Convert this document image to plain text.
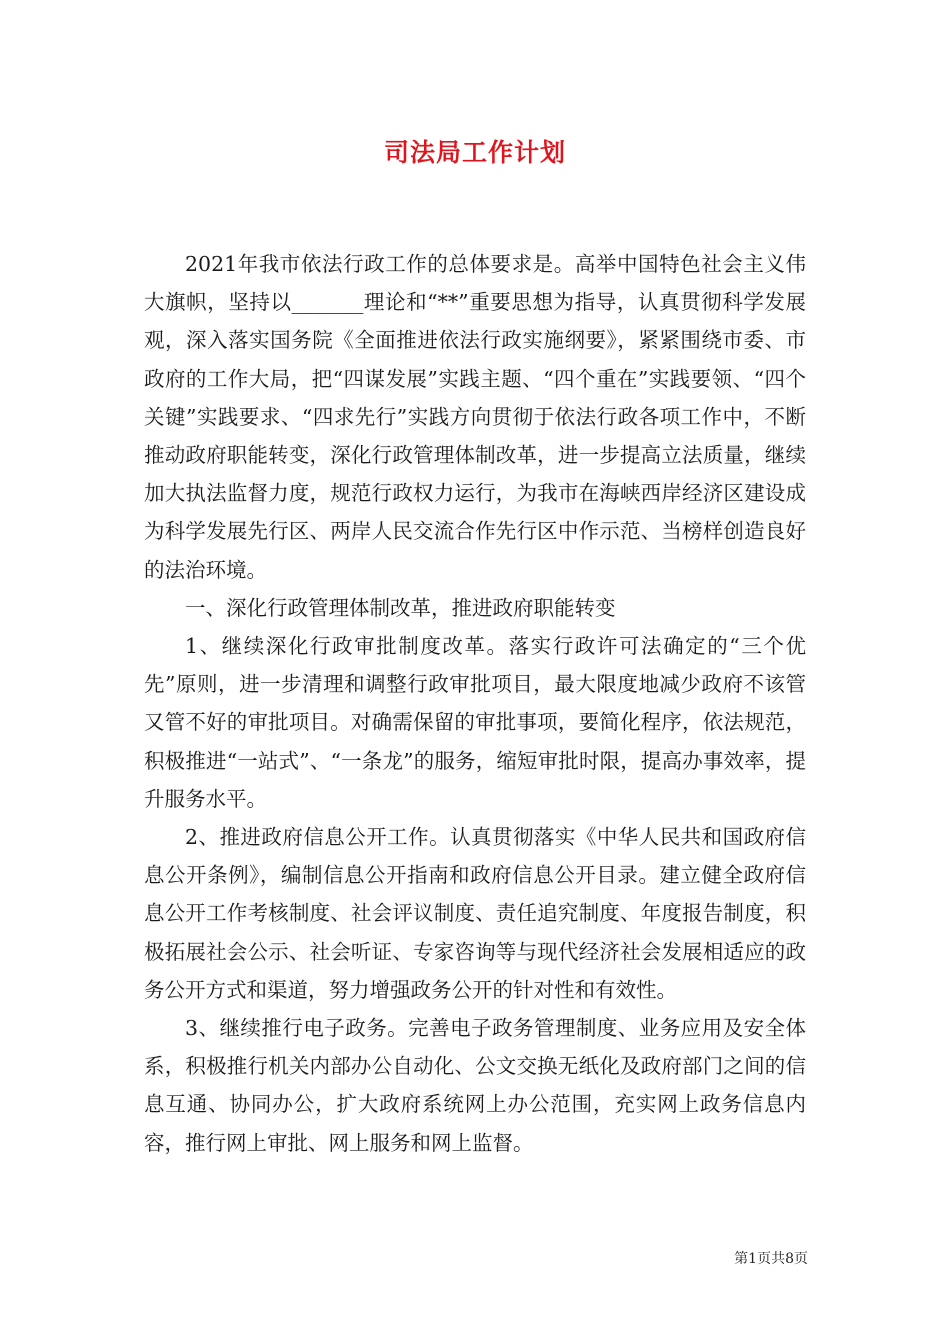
司法局工作计划

2021年我市依法行政工作的总体要求是。高举中国特色社会主义伟大旗帜，坚持以_______理论和“**”重要思想为指导，认真贯彻科学发展观，深入落实国务院《全面推进依法行政实施纲要》，紧紧围绕市委、市政府的工作大局，把“四谋发展”实践主题、“四个重在”实践要领、“四个关键”实践要求、“四求先行”实践方向贯彻于依法行政各项工作中，不断推动政府职能转变，深化行政管理体制改革，进一步提高立法质量，继续加大执法监督力度，规范行政权力运行，为我市在海峡西岸经济区建设成为科学发展先行区、两岸人民交流合作先行区中作示范、当榜样创造良好的法治环境。

一、深化行政管理体制改革，推进政府职能转变

1、继续深化行政审批制度改革。落实行政许可法确定的“三个优先”原则，进一步清理和调整行政审批项目，最大限度地减少政府不该管又管不好的审批项目。对确需保留的审批事项，要简化程序，依法规范，积极推进“一站式”、“一条龙”的服务，缩短审批时限，提高办事效率，提升服务水平。

2、推进政府信息公开工作。认真贯彻落实《中华人民共和国政府信息公开条例》，编制信息公开指南和政府信息公开目录。建立健全政府信息公开工作考核制度、社会评议制度、责任追究制度、年度报告制度，积极拓展社会公示、社会听证、专家咨询等与现代经济社会发展相适应的政务公开方式和渠道，努力增强政务公开的针对性和有效性。

3、继续推行电子政务。完善电子政务管理制度、业务应用及安全体系，积极推行机关内部办公自动化、公文交换无纸化及政府部门之间的信息互通、协同办公，扩大政府系统网上办公范围，充实网上政务信息内容，推行网上审批、网上服务和网上监督。

第1页共8页
